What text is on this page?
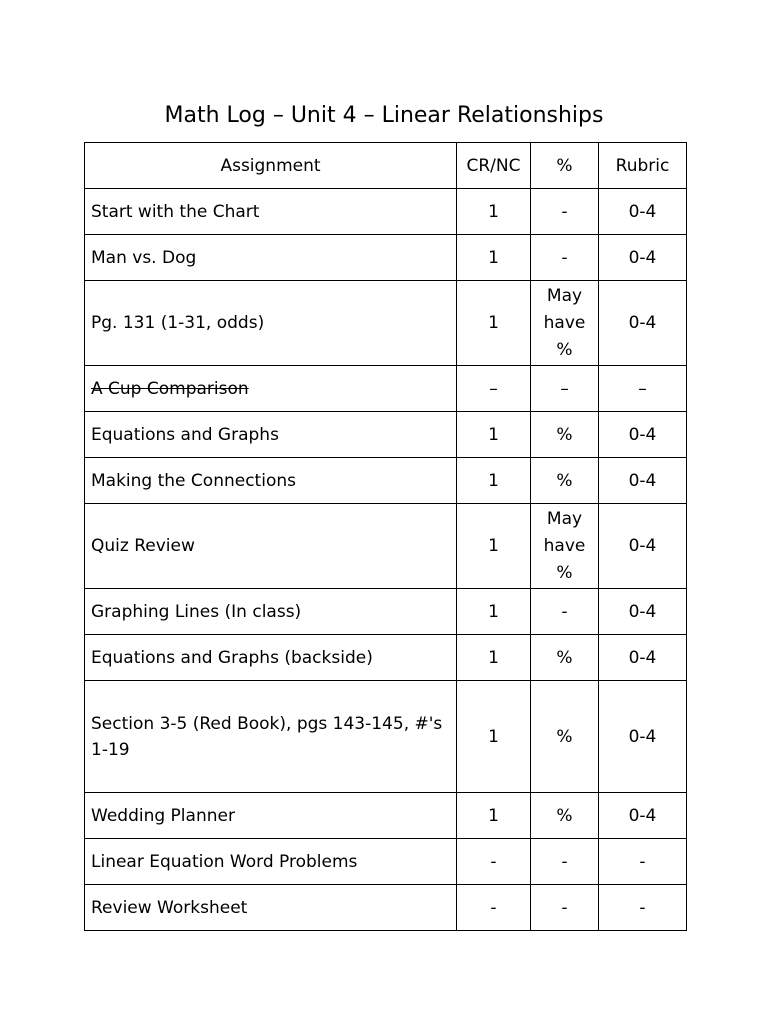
Math Log – Unit 4 – Linear Relationships
Assignment	CR/NC	%	Rubric
Start with the Chart	1	-	0-4
Man vs. Dog	1	-	0-4
Pg. 131 (1-31, odds)	1	May have %	0-4
A Cup Comparison	–	–	–
Equations and Graphs	1	%	0-4
Making the Connections	1	%	0-4
Quiz Review	1	May have %	0-4
Graphing Lines (In class)	1	-	0-4
Equations and Graphs (backside)	1	%	0-4
Section 3-5 (Red Book), pgs 143-145, #'s 1-19	1	%	0-4
Wedding Planner	1	%	0-4
Linear Equation Word Problems	-	-	-
Review Worksheet	-	-	-
